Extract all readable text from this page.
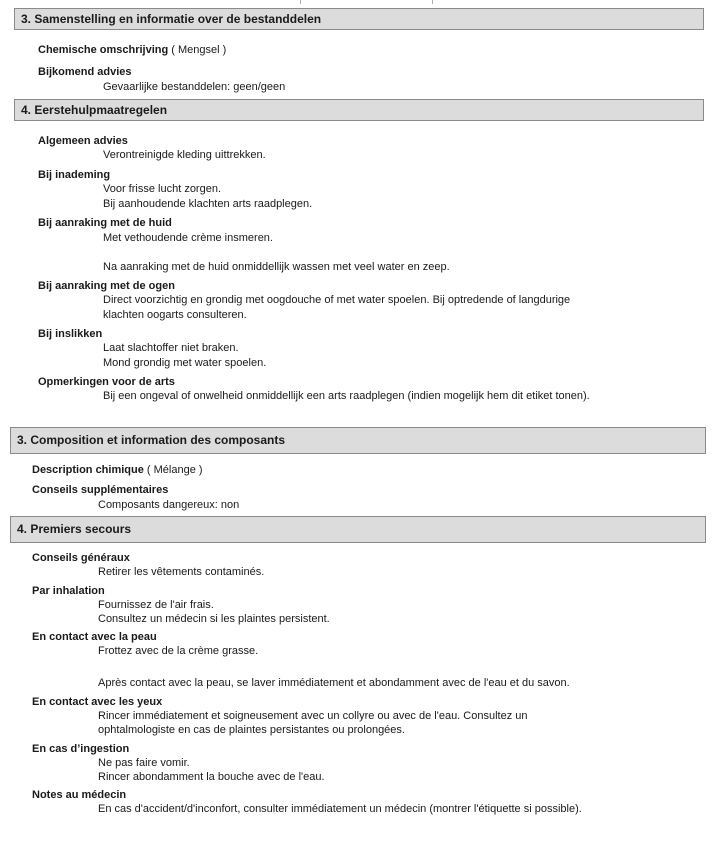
3. Samenstelling en informatie over de bestanddelen
Chemische omschrijving ( Mengsel )
Bijkomend advies
Gevaarlijke bestanddelen: geen/geen
4. Eerstehulpmaatregelen
Algemeen advies
Verontreinigde kleding uittrekken.
Bij inademing
Voor frisse lucht zorgen.
Bij aanhoudende klachten arts raadplegen.
Bij aanraking met de huid
Met vethoudende crème insmeren.
Na aanraking met de huid onmiddellijk wassen met veel water en zeep.
Bij aanraking met de ogen
Direct voorzichtig en grondig met oogdouche of met water spoelen. Bij optredende of langdurige
klachten oogarts consulteren.
Bij inslikken
Laat slachtoffer niet braken.
Mond grondig met water spoelen.
Opmerkingen voor de arts
Bij een ongeval of onwelheid onmiddellijk een arts raadplegen (indien mogelijk hem dit etiket tonen).
3. Composition et information des composants
Description chimique ( Mélange )
Conseils supplémentaires
Composants dangereux: non
4. Premiers secours
Conseils généraux
Retirer les vêtements contaminés.
Par inhalation
Fournissez de l'air frais.
Consultez un médecin si les plaintes persistent.
En contact avec la peau
Frottez avec de la crème grasse.
Après contact avec la peau, se laver immédiatement et abondamment avec de l'eau et du savon.
En contact avec les yeux
Rincer immédiatement et soigneusement avec un collyre ou avec de l'eau. Consultez un
ophtalmologiste en cas de plaintes persistantes ou prolongées.
En cas d’ingestion
Ne pas faire vomir.
Rincer abondamment la bouche avec de l'eau.
Notes au médecin
En cas d'accident/d'inconfort, consulter immédiatement un médecin (montrer l'étiquette si possible).
